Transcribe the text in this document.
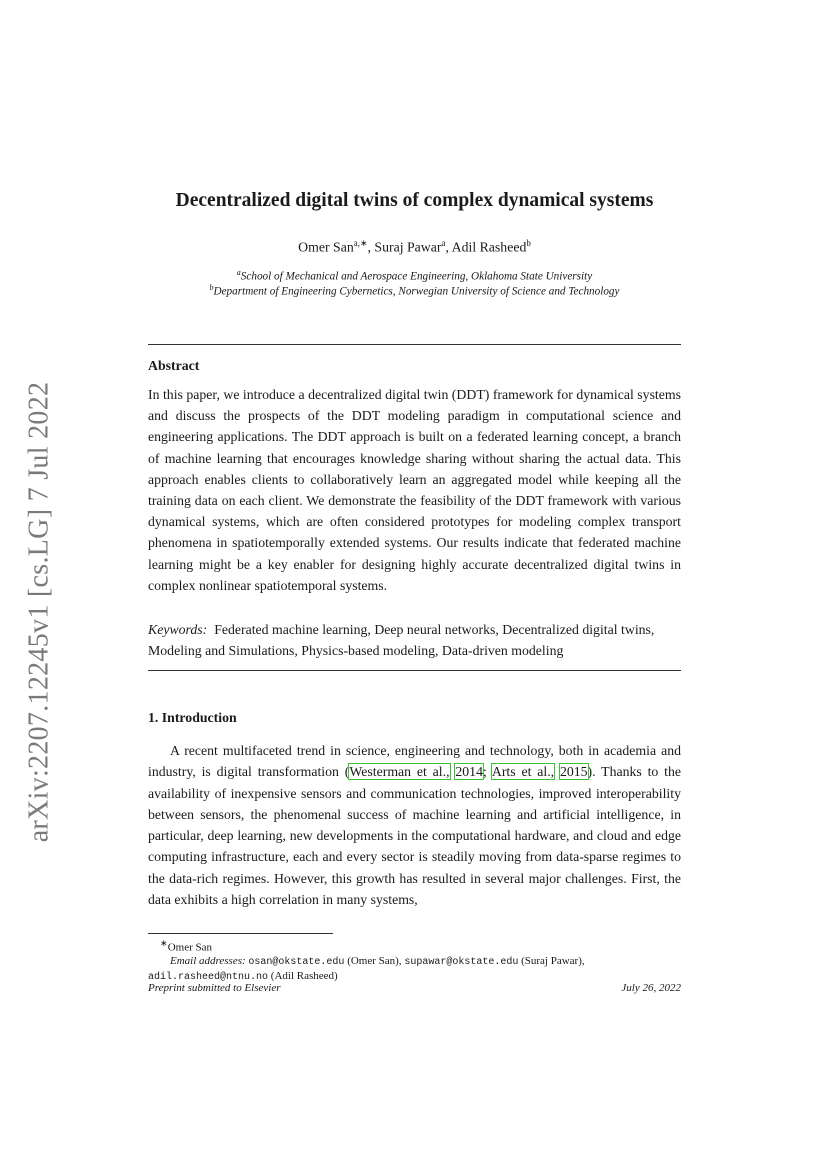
arXiv:2207.12245v1 [cs.LG] 7 Jul 2022
Decentralized digital twins of complex dynamical systems
Omer San$^{a,∗}$, Suraj Pawar$^a$, Adil Rasheed$^b$
$^a$School of Mechanical and Aerospace Engineering, Oklahoma State University
$^b$Department of Engineering Cybernetics, Norwegian University of Science and Technology
Abstract

In this paper, we introduce a decentralized digital twin (DDT) framework for dynamical systems and discuss the prospects of the DDT modeling paradigm in computational science and engineering applications. The DDT approach is built on a federated learning concept, a branch of machine learning that encourages knowledge sharing without sharing the actual data. This approach enables clients to collaboratively learn an aggregated model while keeping all the training data on each client. We demonstrate the feasibility of the DDT framework with various dynamical systems, which are often considered prototypes for modeling complex transport phenomena in spatiotemporally extended systems. Our results indicate that federated machine learning might be a key enabler for designing highly accurate decentralized digital twins in complex nonlinear spatiotemporal systems.

Keywords: Federated machine learning, Deep neural networks, Decentralized digital twins, Modeling and Simulations, Physics-based modeling, Data-driven modeling

1. Introduction

A recent multifaceted trend in science, engineering and technology, both in academia and industry, is digital transformation (Westerman et al., 2014; Arts et al., 2015). Thanks to the availability of inexpensive sensors and communication technologies, improved interoperability between sensors, the phenomenal success of machine learning and artificial intelligence, in particular, deep learning, new developments in the computational hardware, and cloud and edge computing infrastructure, each and every sector is steadily moving from data-sparse regimes to the data-rich regimes. However, this growth has resulted in several major challenges. First, the data exhibits a high correlation in many systems,

∗Omer San
Email addresses: osan@okstate.edu (Omer San), supawar@okstate.edu (Suraj Pawar),
adil.rasheed@ntnu.no (Adil Rasheed)
Preprint submitted to Elsevier	July 26, 2022
